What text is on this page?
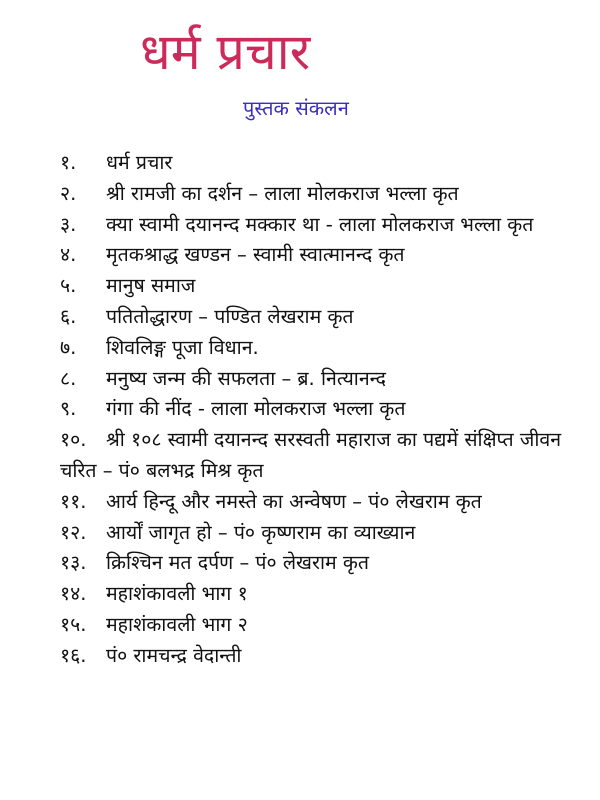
धर्म प्रचार
पुस्तक संकलन
१. धर्म प्रचार
२. श्री रामजी का दर्शन – लाला मोलकराज भल्ला कृत
३. क्या स्वामी दयानन्द मक्कार था - लाला मोलकराज भल्ला कृत
४. मृतकश्राद्ध खण्डन – स्वामी स्वात्मानन्द कृत
५. मानुष समाज
६. पतितोद्धारण – पण्डित लेखराम कृत
७. शिवलिङ्ग पूजा विधान.
८. मनुष्य जन्म की सफलता – ब्र. नित्यानन्द
९. गंगा की नींद - लाला मोलकराज भल्ला कृत
१०. श्री १०८ स्वामी दयानन्द सरस्वती महाराज का पद्यमें संक्षिप्त जीवन चरित – पं० बलभद्र मिश्र कृत
११. आर्य हिन्दू और नमस्ते का अन्वेषण – पं० लेखराम कृत
१२. आर्यों जागृत हो – पं० कृष्णराम का व्याख्यान
१३. क्रिश्चिन मत दर्पण – पं० लेखराम कृत
१४. महाशंकावली भाग १
१५. महाशंकावली भाग २
१६. पं० रामचन्द्र वेदान्ती
